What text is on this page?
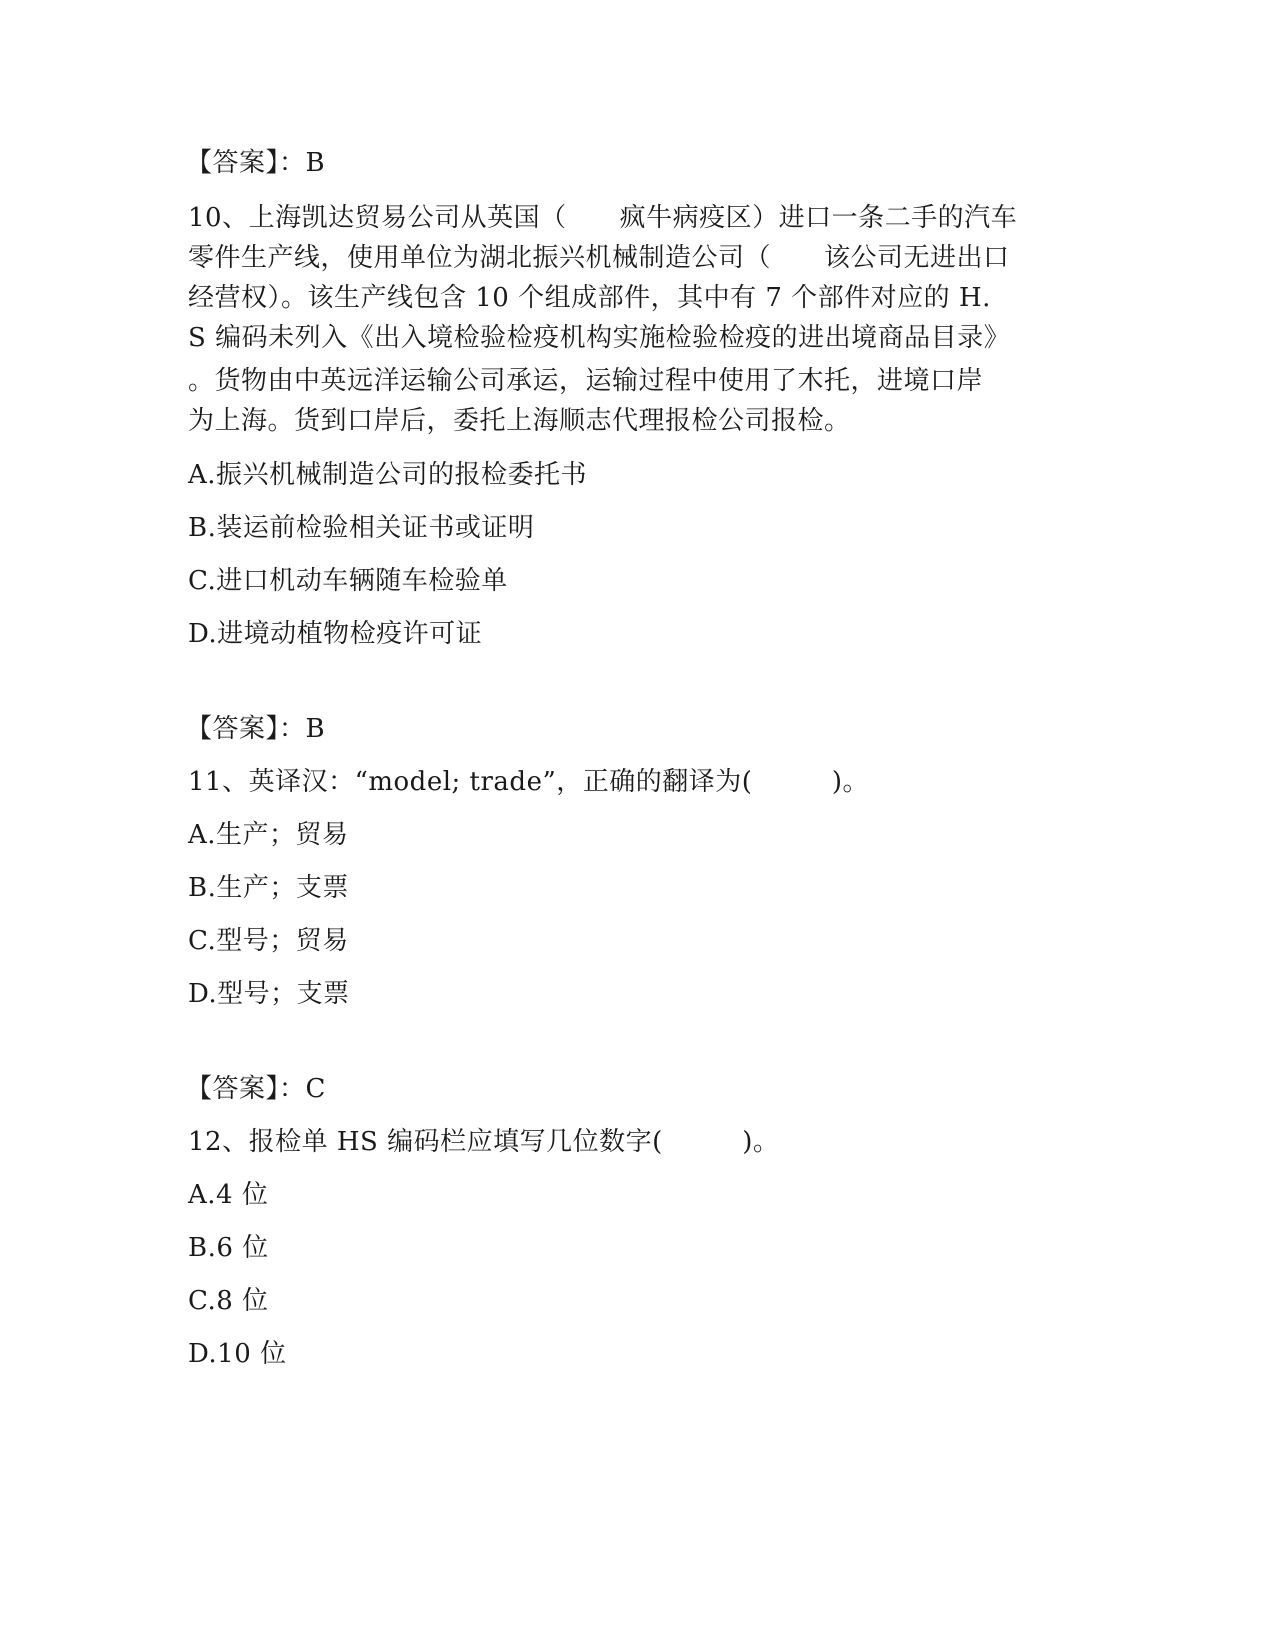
【答案】：B
10、上海凯达贸易公司从英国（　　疯牛病疫区）进口一条二手的汽车
零件生产线，使用单位为湖北振兴机械制造公司（　　该公司无进出口
经营权）。该生产线包含 10 个组成部件，其中有 7 个部件对应的 H.
S 编码未列入《出入境检验检疫机构实施检验检疫的进出境商品目录》
。货物由中英远洋运输公司承运，运输过程中使用了木托，进境口岸
为上海。货到口岸后，委托上海顺志代理报检公司报检。
A.振兴机械制造公司的报检委托书
B.装运前检验相关证书或证明
C.进口机动车辆随车检验单
D.进境动植物检疫许可证
【答案】：B
11、英译汉：“model; trade”，正确的翻译为(　　　)。
A.生产；贸易
B.生产；支票
C.型号；贸易
D.型号；支票
【答案】：C
12、报检单 HS 编码栏应填写几位数字(　　　)。
A.4 位
B.6 位
C.8 位
D.10 位
